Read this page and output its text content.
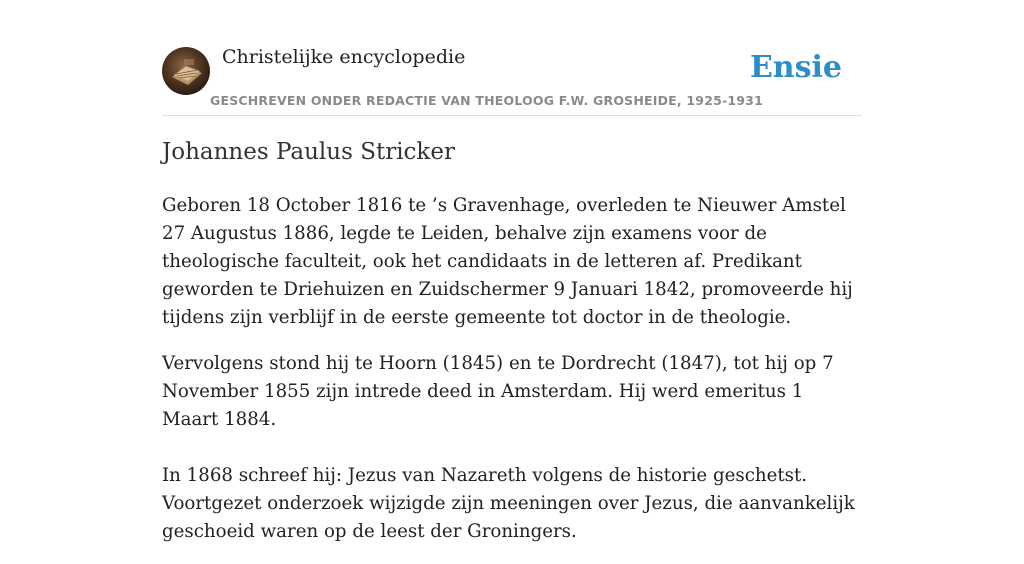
Christelijke encyclopedie
GESCHREVEN ONDER REDACTIE VAN THEOLOOG F.W. GROSHEIDE, 1925-1931
Ensie
Johannes Paulus Stricker

Geboren 18 October 1816 te ’s Gravenhage, overleden te Nieuwer Amstel 27 Augustus 1886, legde te Leiden, behalve zijn examens voor de theologische faculteit, ook het candidaats in de letteren af. Predikant geworden te Driehuizen en Zuidschermer 9 Januari 1842, promoveerde hij tijdens zijn verblijf in de eerste gemeente tot doctor in de theologie.

Vervolgens stond hij te Hoorn (1845) en te Dordrecht (1847), tot hij op 7 November 1855 zijn intrede deed in Amsterdam. Hij werd emeritus 1 Maart 1884.

In 1868 schreef hij: Jezus van Nazareth volgens de historie geschetst. Voortgezet onderzoek wijzigde zijn meeningen over Jezus, die aanvankelijk geschoeid waren op de leest der Groningers.
